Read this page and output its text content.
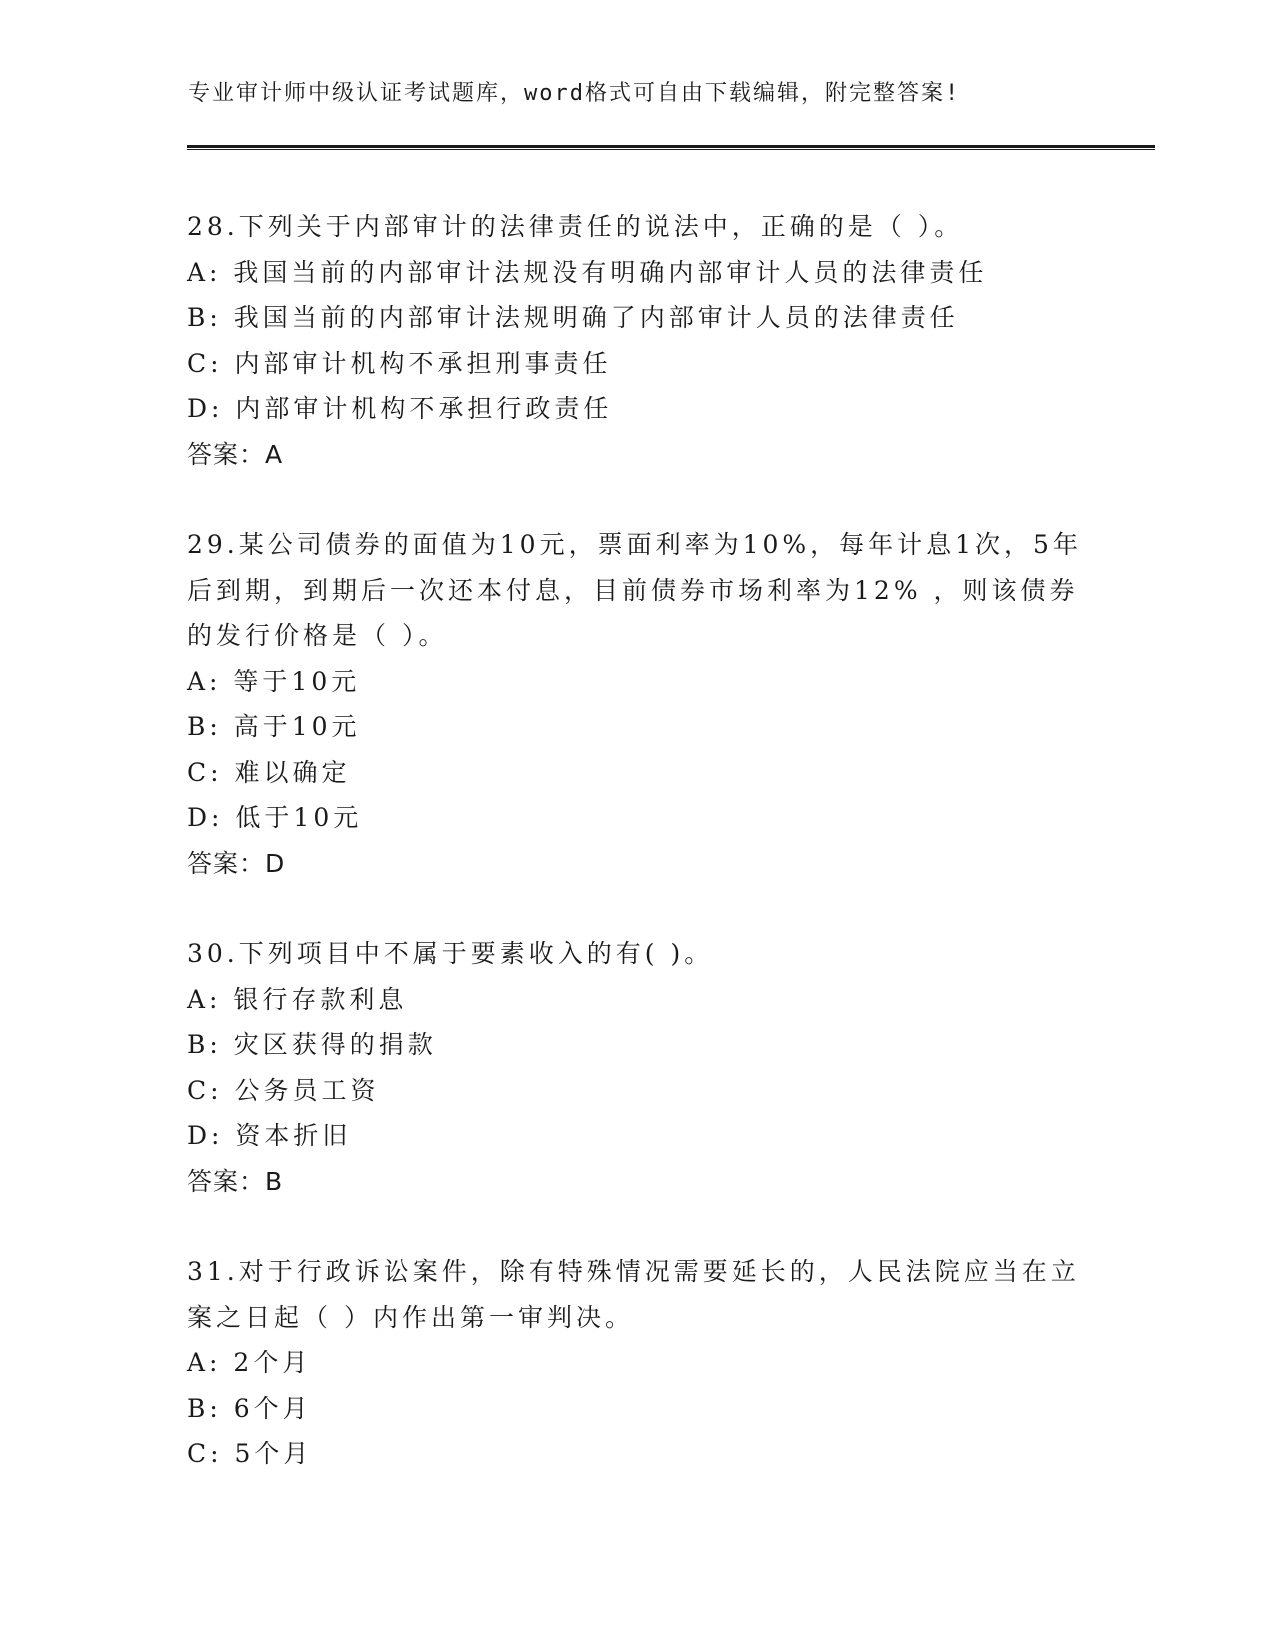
专业审计师中级认证考试题库，word格式可自由下载编辑，附完整答案!
28.下列关于内部审计的法律责任的说法中，正确的是（ ）。
A: 我国当前的内部审计法规没有明确内部审计人员的法律责任
B: 我国当前的内部审计法规明确了内部审计人员的法律责任
C: 内部审计机构不承担刑事责任
D: 内部审计机构不承担行政责任
答案：A
29.某公司债券的面值为10元，票面利率为10%，每年计息1次，5年
后到期，到期后一次还本付息，目前债券市场利率为12% ，则该债券
的发行价格是（ ）。
A: 等于10元
B: 高于10元
C: 难以确定
D: 低于10元
答案：D
30.下列项目中不属于要素收入的有( )。
A: 银行存款利息
B: 灾区获得的捐款
C: 公务员工资
D: 资本折旧
答案：B
31.对于行政诉讼案件，除有特殊情况需要延长的，人民法院应当在立
案之日起（ ）内作出第一审判决。
A: 2个月
B: 6个月
C: 5个月
